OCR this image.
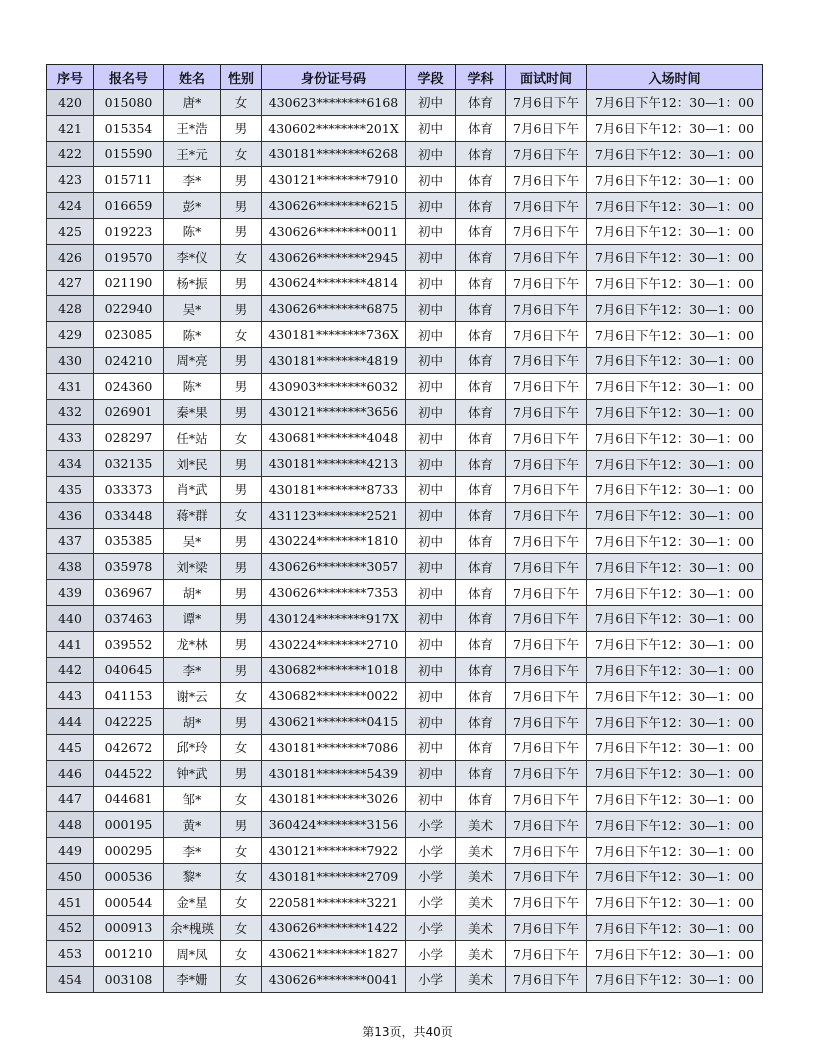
序号	报名号	姓名	性别	身份证号码	学段	学科	面试时间	入场时间
420	015080	唐*	女	430623********6168	初中	体育	7月6日下午	7月6日下午12：30—1：00
421	015354	王*浩	男	430602********201X	初中	体育	7月6日下午	7月6日下午12：30—1：00
422	015590	王*元	女	430181********6268	初中	体育	7月6日下午	7月6日下午12：30—1：00
423	015711	李*	男	430121********7910	初中	体育	7月6日下午	7月6日下午12：30—1：00
424	016659	彭*	男	430626********6215	初中	体育	7月6日下午	7月6日下午12：30—1：00
425	019223	陈*	男	430626********0011	初中	体育	7月6日下午	7月6日下午12：30—1：00
426	019570	李*仪	女	430626********2945	初中	体育	7月6日下午	7月6日下午12：30—1：00
427	021190	杨*振	男	430624********4814	初中	体育	7月6日下午	7月6日下午12：30—1：00
428	022940	吴*	男	430626********6875	初中	体育	7月6日下午	7月6日下午12：30—1：00
429	023085	陈*	女	430181********736X	初中	体育	7月6日下午	7月6日下午12：30—1：00
430	024210	周*亮	男	430181********4819	初中	体育	7月6日下午	7月6日下午12：30—1：00
431	024360	陈*	男	430903********6032	初中	体育	7月6日下午	7月6日下午12：30—1：00
432	026901	秦*果	男	430121********3656	初中	体育	7月6日下午	7月6日下午12：30—1：00
433	028297	任*站	女	430681********4048	初中	体育	7月6日下午	7月6日下午12：30—1：00
434	032135	刘*民	男	430181********4213	初中	体育	7月6日下午	7月6日下午12：30—1：00
435	033373	肖*武	男	430181********8733	初中	体育	7月6日下午	7月6日下午12：30—1：00
436	033448	蒋*群	女	431123********2521	初中	体育	7月6日下午	7月6日下午12：30—1：00
437	035385	吴*	男	430224********1810	初中	体育	7月6日下午	7月6日下午12：30—1：00
438	035978	刘*梁	男	430626********3057	初中	体育	7月6日下午	7月6日下午12：30—1：00
439	036967	胡*	男	430626********7353	初中	体育	7月6日下午	7月6日下午12：30—1：00
440	037463	谭*	男	430124********917X	初中	体育	7月6日下午	7月6日下午12：30—1：00
441	039552	龙*林	男	430224********2710	初中	体育	7月6日下午	7月6日下午12：30—1：00
442	040645	李*	男	430682********1018	初中	体育	7月6日下午	7月6日下午12：30—1：00
443	041153	谢*云	女	430682********0022	初中	体育	7月6日下午	7月6日下午12：30—1：00
444	042225	胡*	男	430621********0415	初中	体育	7月6日下午	7月6日下午12：30—1：00
445	042672	邱*玲	女	430181********7086	初中	体育	7月6日下午	7月6日下午12：30—1：00
446	044522	钟*武	男	430181********5439	初中	体育	7月6日下午	7月6日下午12：30—1：00
447	044681	邹*	女	430181********3026	初中	体育	7月6日下午	7月6日下午12：30—1：00
448	000195	黄*	男	360424********3156	小学	美术	7月6日下午	7月6日下午12：30—1：00
449	000295	李*	女	430121********7922	小学	美术	7月6日下午	7月6日下午12：30—1：00
450	000536	黎*	女	430181********2709	小学	美术	7月6日下午	7月6日下午12：30—1：00
451	000544	金*星	女	220581********3221	小学	美术	7月6日下午	7月6日下午12：30—1：00
452	000913	余*槐瑛	女	430626********1422	小学	美术	7月6日下午	7月6日下午12：30—1：00
453	001210	周*凤	女	430621********1827	小学	美术	7月6日下午	7月6日下午12：30—1：00
454	003108	李*姗	女	430626********0041	小学	美术	7月6日下午	7月6日下午12：30—1：00
第13页，共40页
